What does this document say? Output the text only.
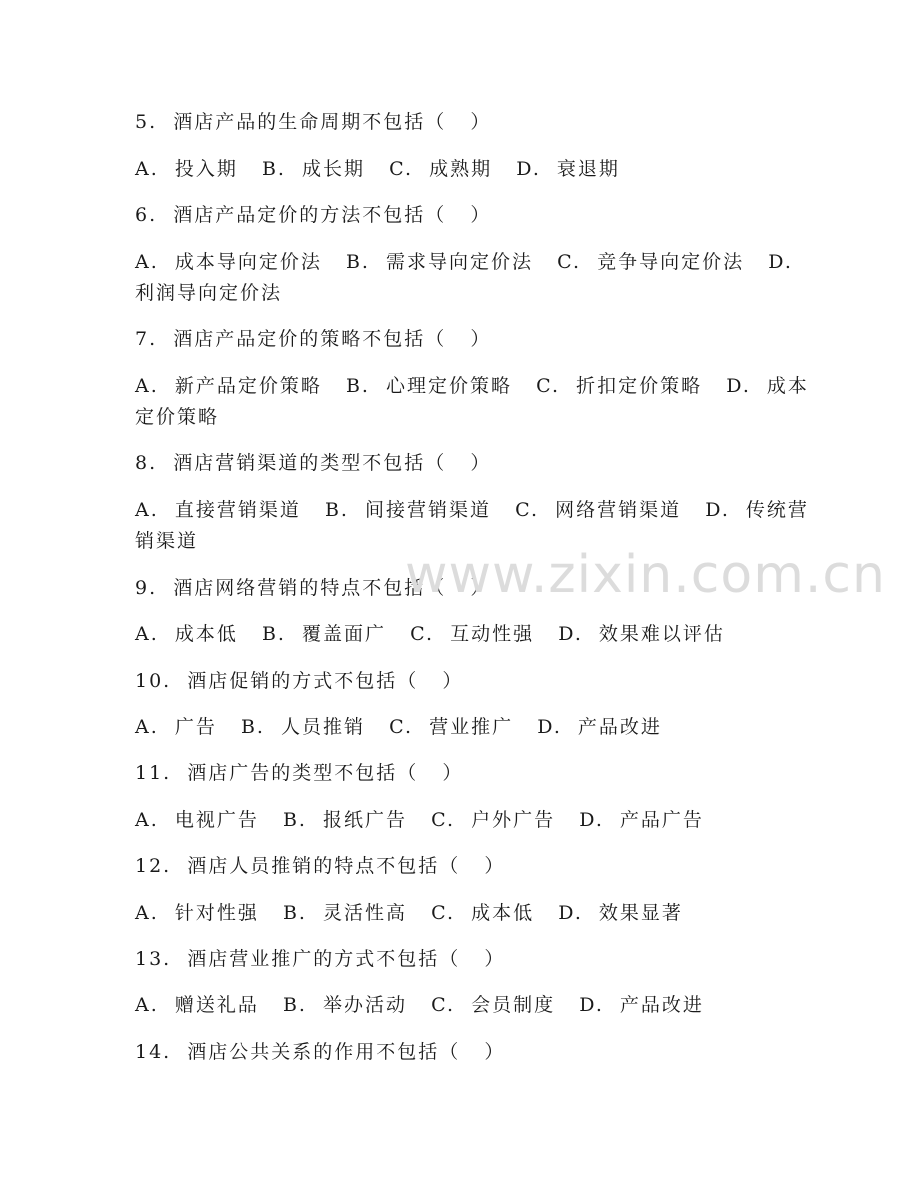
5.  酒店产品的生命周期不包括（   ）
A.  投入期   B.  成长期   C.  成熟期   D.  衰退期
6.  酒店产品定价的方法不包括（   ）
A.  成本导向定价法   B.  需求导向定价法   C.  竞争导向定价法   D.
利润导向定价法
7.  酒店产品定价的策略不包括（   ）
A.  新产品定价策略   B.  心理定价策略   C.  折扣定价策略   D.  成本
定价策略
8.  酒店营销渠道的类型不包括（   ）
A.  直接营销渠道   B.  间接营销渠道   C.  网络营销渠道   D.  传统营
销渠道
9.  酒店网络营销的特点不包括（   ）
A.  成本低   B.  覆盖面广   C.  互动性强   D.  效果难以评估
10.  酒店促销的方式不包括（   ）
A.  广告   B.  人员推销   C.  营业推广   D.  产品改进
11.  酒店广告的类型不包括（   ）
A.  电视广告   B.  报纸广告   C.  户外广告   D.  产品广告
12.  酒店人员推销的特点不包括（   ）
A.  针对性强   B.  灵活性高   C.  成本低   D.  效果显著
13.  酒店营业推广的方式不包括（   ）
A.  赠送礼品   B.  举办活动   C.  会员制度   D.  产品改进
14.  酒店公共关系的作用不包括（   ）
www.zixin.com.cn
